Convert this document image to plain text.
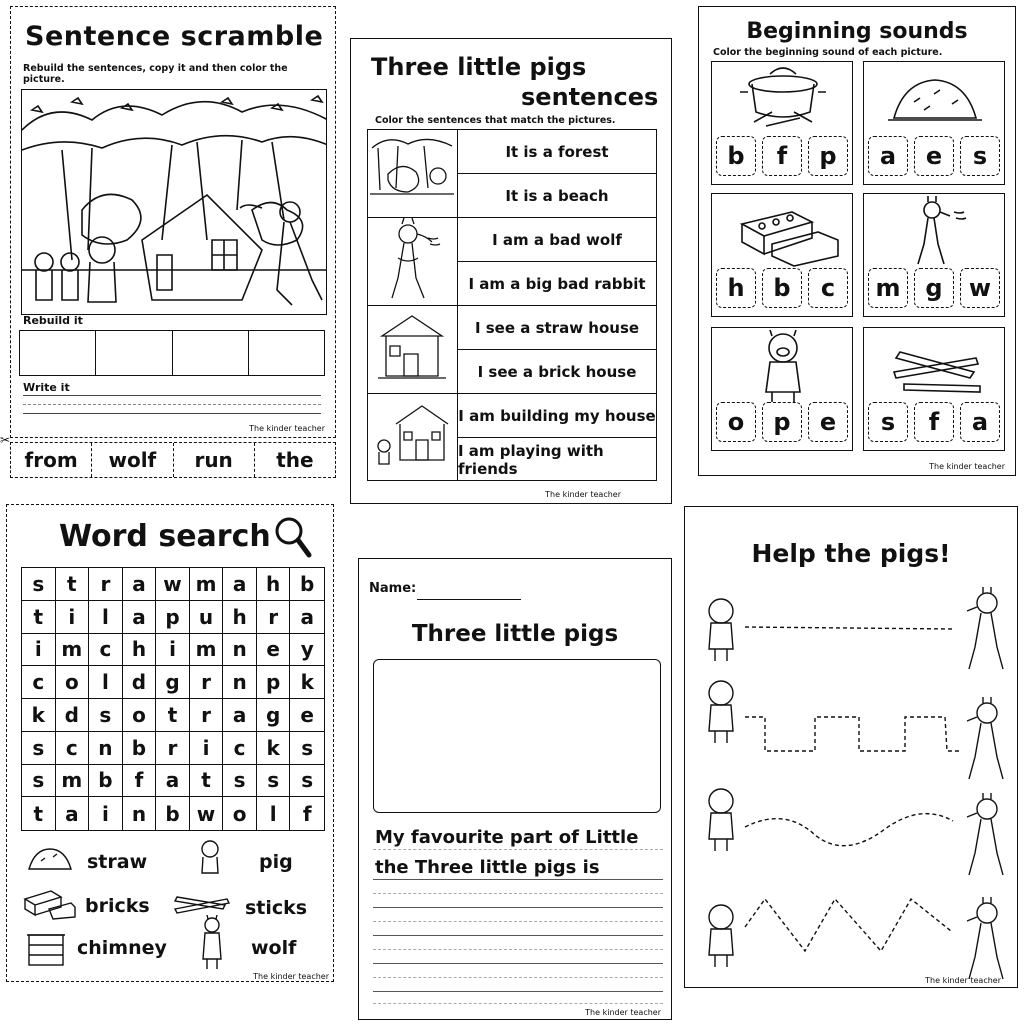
Sentence scramble
Rebuild the sentences, copy it and then color the picture.
Rebuild it
Write it
The kinder teacher
✂
from	wolf	run	the
Three little pigs
sentences
Color the sentences that match the pictures.
It is a forest
It is a beach
I am a bad wolf
I am a big bad rabbit
I see a straw house
I see a brick house
I am building my house
I am playing with friends
The kinder teacher
Beginning sounds
Color the beginning sound of each picture.
b	f	p	a	e	s
h	b	c	m	g	w
o	p	e	s	f	a
The kinder teacher
Word search
s	t	r	a w m a h b
t	i	l	a p u h	r	a
i m c	h	i m n e	y
c	o	l	d g	r	n p	k
k d	s	o	t	r	a g	e
s	c	n b	r	i	c	k	s
s m b	f	a	t	s	s	s
t	a	i	n b w o	l	f
straw	pig
bricks	sticks
chimney	wolf
The kinder teacher
Name:
Three little pigs
My favourite part of Little
the Three little pigs is
The kinder teacher
Help the pigs!
The kinder teacher
